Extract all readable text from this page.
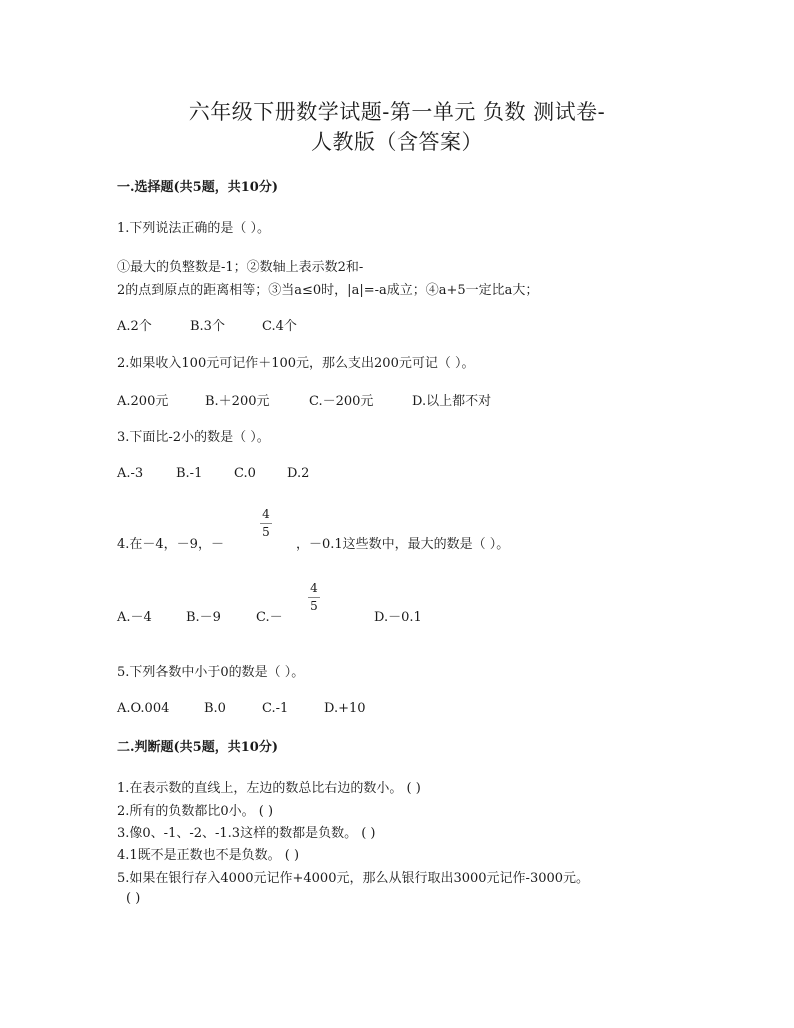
六年级下册数学试题-第一单元 负数 测试卷-
人教版（含答案）
一.选择题(共5题，共10分)
1.下列说法正确的是（ ）。
①最大的负整数是-1；②数轴上表示数2和-
2的点到原点的距离相等；③当a≤0时，|a|=-a成立；④a+5一定比a大；
A.2个	B.3个	C.4个
2.如果收入100元可记作＋100元，那么支出200元可记（ ）。
A.200元	B.＋200元	C.－200元	D.以上都不对
3.下面比-2小的数是（ ）。
A.-3	B.-1 C.0 D.2
4.在－4，－9，－
4
5
，－0.1这些数中，最大的数是（ ）。
A.－4	B.－9	C.－
4
5
D.－0.1
5.下列各数中小于0的数是（ ）。
A.O.004	B.0	C.-1	D.+10
二.判断题(共5题，共10分)
1.在表示数的直线上，左边的数总比右边的数小。 ( )
2.所有的负数都比0小。 ( )
3.像0、-1、-2、-1.3这样的数都是负数。 ( )
4.1既不是正数也不是负数。 ( )
5.如果在银行存入4000元记作+4000元，那么从银行取出3000元记作-3000元。
( )
